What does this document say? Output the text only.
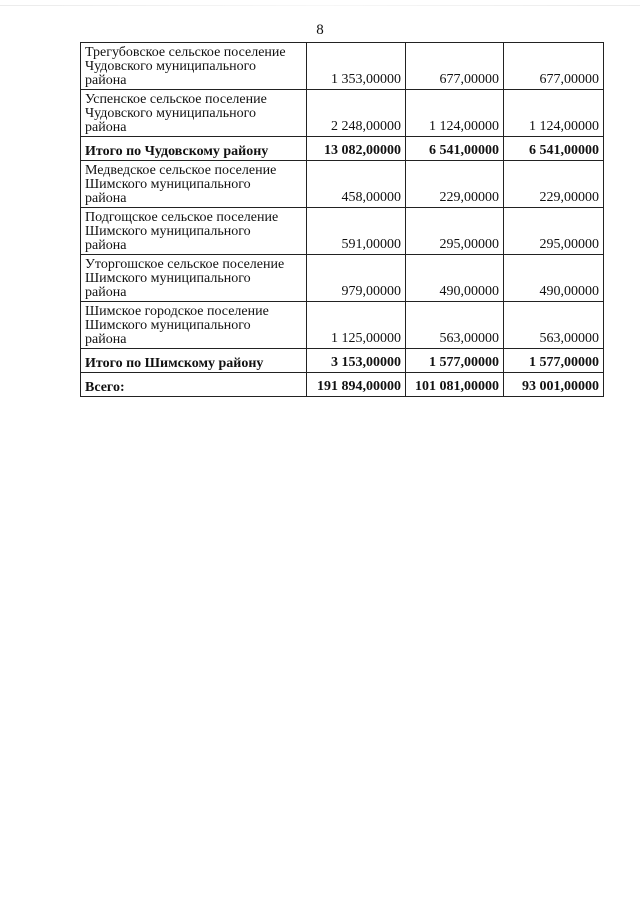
8
Трегубовское сельское поселение
Чудовского муниципального
района	1 353,00000	677,00000	677,00000
Успенское сельское поселение
Чудовского муниципального
района	2 248,00000	1 124,00000	1 124,00000
Итого по Чудовскому району	13 082,00000	6 541,00000	6 541,00000
Медведское сельское поселение
Шимского муниципального
района	458,00000	229,00000	229,00000
Подгощское сельское поселение
Шимского муниципального
района	591,00000	295,00000	295,00000
Уторгошское сельское поселение
Шимского муниципального
района	979,00000	490,00000	490,00000
Шимское городское поселение
Шимского муниципального
района	1 125,00000	563,00000	563,00000
Итого по Шимскому району	3 153,00000	1 577,00000	1 577,00000
Всего:	191 894,00000	101 081,00000	93 001,00000
